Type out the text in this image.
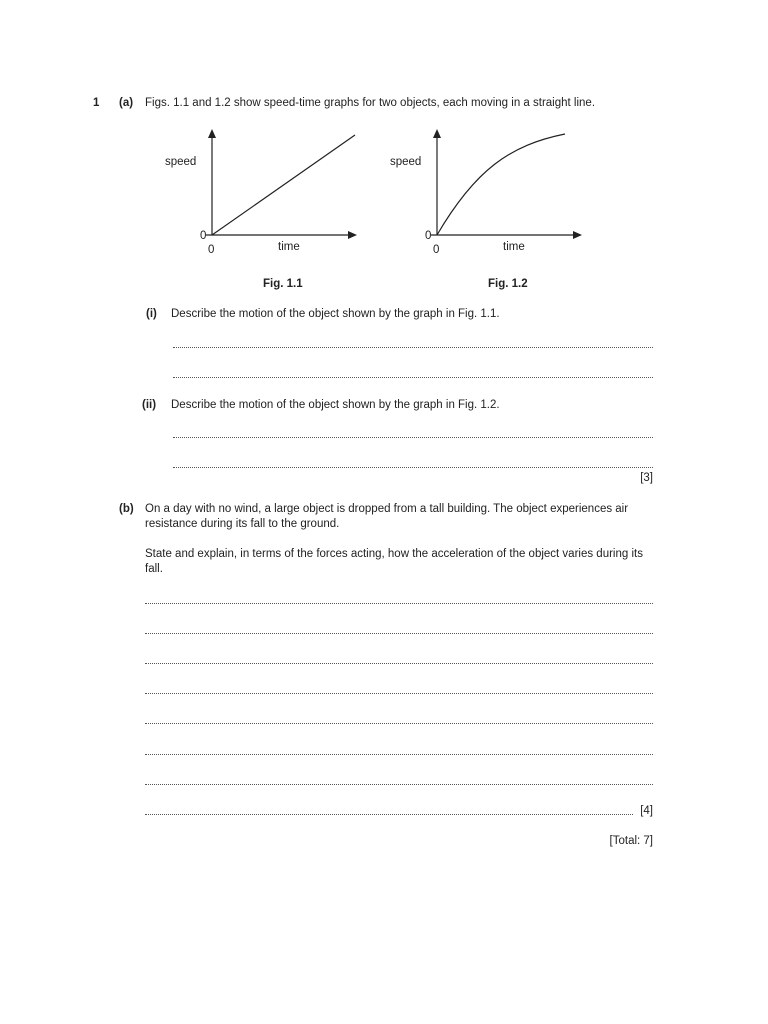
1 (a) Figs. 1.1 and 1.2 show speed-time graphs for two objects, each moving in a straight line.
speed
time
0
0
Fig. 1.1
speed
time
0
0
Fig. 1.2
(i) Describe the motion of the object shown by the graph in Fig. 1.1.
(ii) Describe the motion of the object shown by the graph in Fig. 1.2.
[3]
(b) On a day with no wind, a large object is dropped from a tall building. The object experiences air resistance during its fall to the ground.
State and explain, in terms of the forces acting, how the acceleration of the object varies during its fall.
[4]
[Total: 7]
